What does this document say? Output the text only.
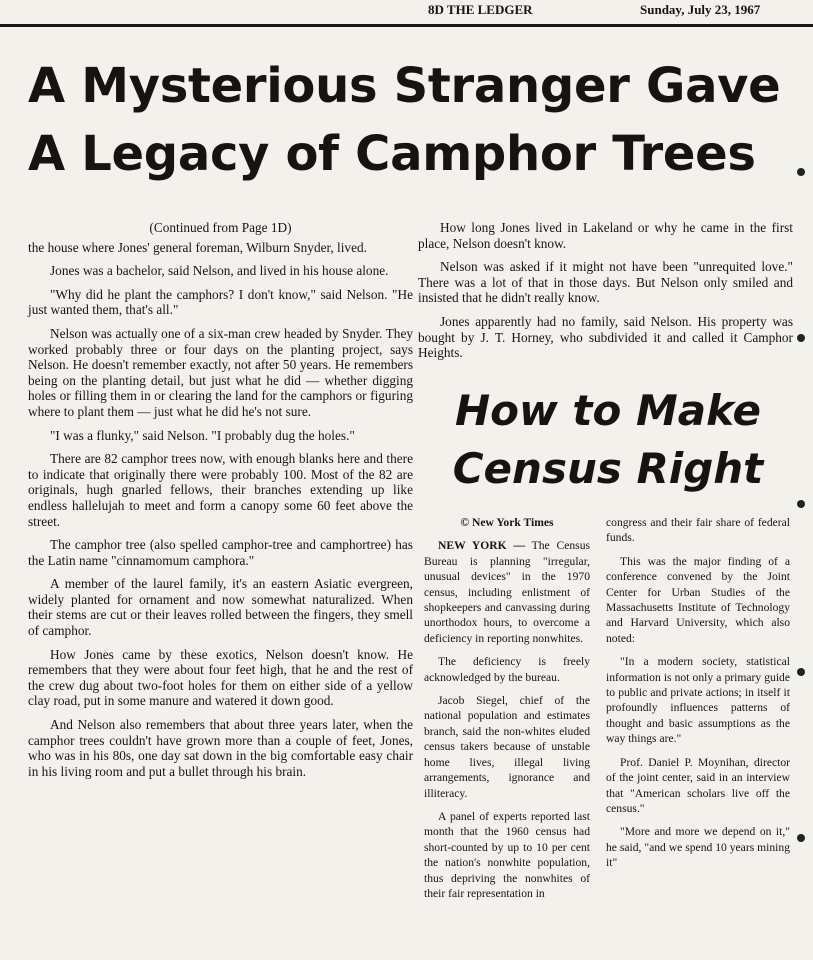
8D THE LEDGER	Sunday, July 23, 1967
A Mysterious Stranger Gave
A Legacy of Camphor Trees

(Continued from Page 1D)

the house where Jones' general foreman, Wilburn Snyder, lived.

Jones was a bachelor, said Nelson, and lived in his house alone.

"Why did he plant the camphors? I don't know," said Nelson. "He just wanted them, that's all."

Nelson was actually one of a six-man crew headed by Snyder. They worked probably three or four days on the planting project, says Nelson. He doesn't remember exactly, not after 50 years. He remembers being on the planting detail, but just what he did — whether digging holes or filling them in or clearing the land for the camphors or figuring where to plant them — just what he did he's not sure.

"I was a flunky," said Nelson. "I probably dug the holes."

There are 82 camphor trees now, with enough blanks here and there to indicate that originally there were probably 100. Most of the 82 are originals, hugh gnarled fellows, their branches extending up like endless hallelujah to meet and form a canopy some 60 feet above the street.

The camphor tree (also spelled camphor-tree and camphortree) has the Latin name "cinnamomum camphora."

A member of the laurel family, it's an eastern Asiatic evergreen, widely planted for ornament and now somewhat naturalized. When their stems are cut or their leaves rolled between the fingers, they smell of camphor.

How Jones came by these exotics, Nelson doesn't know. He remembers that they were about four feet high, that he and the rest of the crew dug about two-foot holes for them on either side of a yellow clay road, put in some manure and watered it down good.

And Nelson also remembers that about three years later, when the camphor trees couldn't have grown more than a couple of feet, Jones, who was in his 80s, one day sat down in the big comfortable easy chair in his living room and put a bullet through his brain.

How long Jones lived in Lakeland or why he came in the first place, Nelson doesn't know.

Nelson was asked if it might not have been "unrequited love." There was a lot of that in those days. But Nelson only smiled and insisted that he didn't really know.

Jones apparently had no family, said Nelson. His property was bought by J. T. Horney, who subdivided it and called it Camphor Heights.

How to Make
Census Right

© New York Times

NEW YORK — The Census Bureau is planning "irregular, unusual devices" in the 1970 census, including enlistment of shopkeepers and canvassing during unorthodox hours, to overcome a deficiency in reporting nonwhites.

The deficiency is freely acknowledged by the bureau.

Jacob Siegel, chief of the national population and estimates branch, said the non-whites eluded census takers because of unstable home lives, illegal living arrangements, ignorance and illiteracy.

A panel of experts reported last month that the 1960 census had short-counted by up to 10 per cent the nation's nonwhite population, thus depriving the nonwhites of their fair representation in

congress and their fair share of federal funds.

This was the major finding of a conference convened by the Joint Center for Urban Studies of the Massachusetts Institute of Technology and Harvard University, which also noted:

"In a modern society, statistical information is not only a primary guide to public and private actions; in itself it profoundly influences patterns of thought and basic assumptions as the way things are."

Prof. Daniel P. Moynihan, director of the joint center, said in an interview that "American scholars live off the census."

"More and more we depend on it," he said, "and we spend 10 years mining it"
